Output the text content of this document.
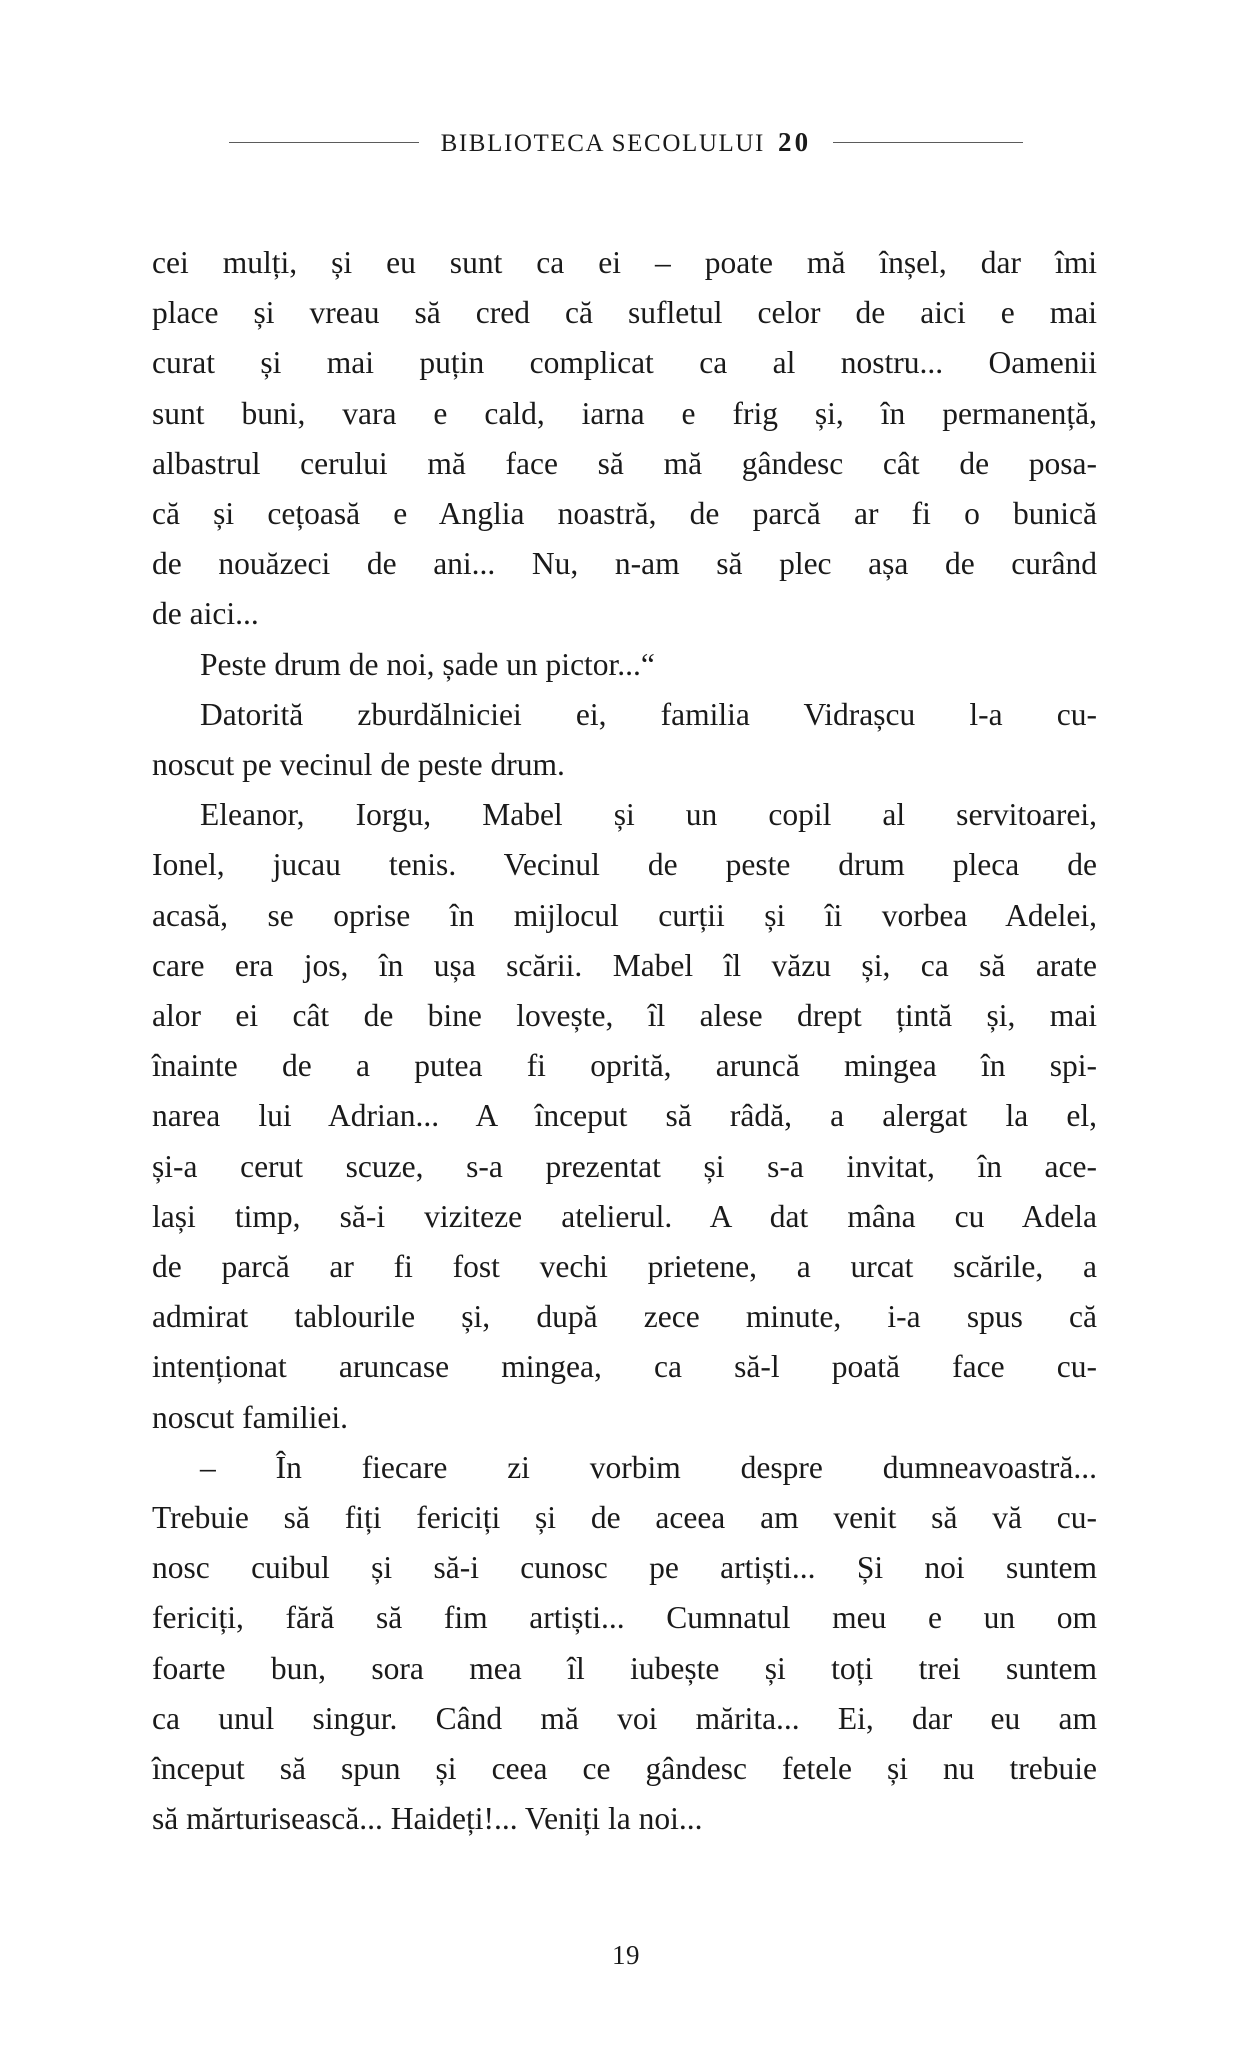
BIBLIOTECA SECOLULUI 20

cei mulți, și eu sunt ca ei – poate mă înșel, dar îmi
place și vreau să cred că sufletul celor de aici e mai
curat și mai puțin complicat ca al nostru... Oamenii
sunt buni, vara e cald, iarna e frig și, în permanență,
albastrul cerului mă face să mă gândesc cât de posa-
că și cețoasă e Anglia noastră, de parcă ar fi o bunică
de nouăzeci de ani... Nu, n-am să plec așa de curând
de aici...

Peste drum de noi, șade un pictor...“

Datorită zburdălniciei ei, familia Vidrașcu l-a cu-
noscut pe vecinul de peste drum.

Eleanor, Iorgu, Mabel și un copil al servitoarei,
Ionel, jucau tenis. Vecinul de peste drum pleca de
acasă, se oprise în mijlocul curții și îi vorbea Adelei,
care era jos, în ușa scării. Mabel îl văzu și, ca să arate
alor ei cât de bine lovește, îl alese drept țintă și, mai
înainte de a putea fi oprită, aruncă mingea în spi-
narea lui Adrian... A început să râdă, a alergat la el,
și-a cerut scuze, s-a prezentat și s-a invitat, în ace-
lași timp, să-i viziteze atelierul. A dat mâna cu Adela
de parcă ar fi fost vechi prietene, a urcat scările, a
admirat tablourile și, după zece minute, i-a spus că
intenționat aruncase mingea, ca să-l poată face cu-
noscut familiei.

– În fiecare zi vorbim despre dumneavoastră...
Trebuie să fiți fericiți și de aceea am venit să vă cu-
nosc cuibul și să-i cunosc pe artiști... Și noi suntem
fericiți, fără să fim artiști... Cumnatul meu e un om
foarte bun, sora mea îl iubește și toți trei suntem
ca unul singur. Când mă voi mărita... Ei, dar eu am
început să spun și ceea ce gândesc fetele și nu trebuie
să mărturisească... Haideți!... Veniți la noi...

19
